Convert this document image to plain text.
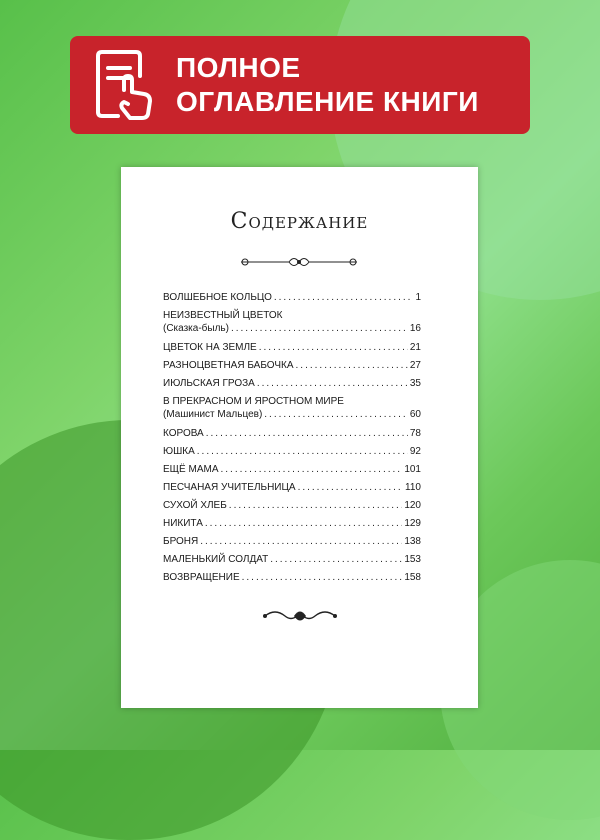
ПОЛНОЕ
ОГЛАВЛЕНИЕ КНИГИ
Содержание
ВОЛШЕБНОЕ КОЛЬЦО .....	1
НЕИЗВЕСТНЫЙ ЦВЕТОК
(Сказка-быль) .....	16
ЦВЕТОК НА ЗЕМЛЕ .....	21
РАЗНОЦВЕТНАЯ БАБОЧКА .....	27
ИЮЛЬСКАЯ ГРОЗА .....	35
В ПРЕКРАСНОМ И ЯРОСТНОМ МИРЕ
(Машинист Мальцев) .....	60
КОРОВА .....	78
ЮШКА .....	92
ЕЩЁ МАМА .....	101
ПЕСЧАНАЯ УЧИТЕЛЬНИЦА .....	110
СУХОЙ ХЛЕБ .....	120
НИКИТА .....	129
БРОНЯ .....	138
МАЛЕНЬКИЙ СОЛДАТ .....	153
ВОЗВРАЩЕНИЕ .....	158
